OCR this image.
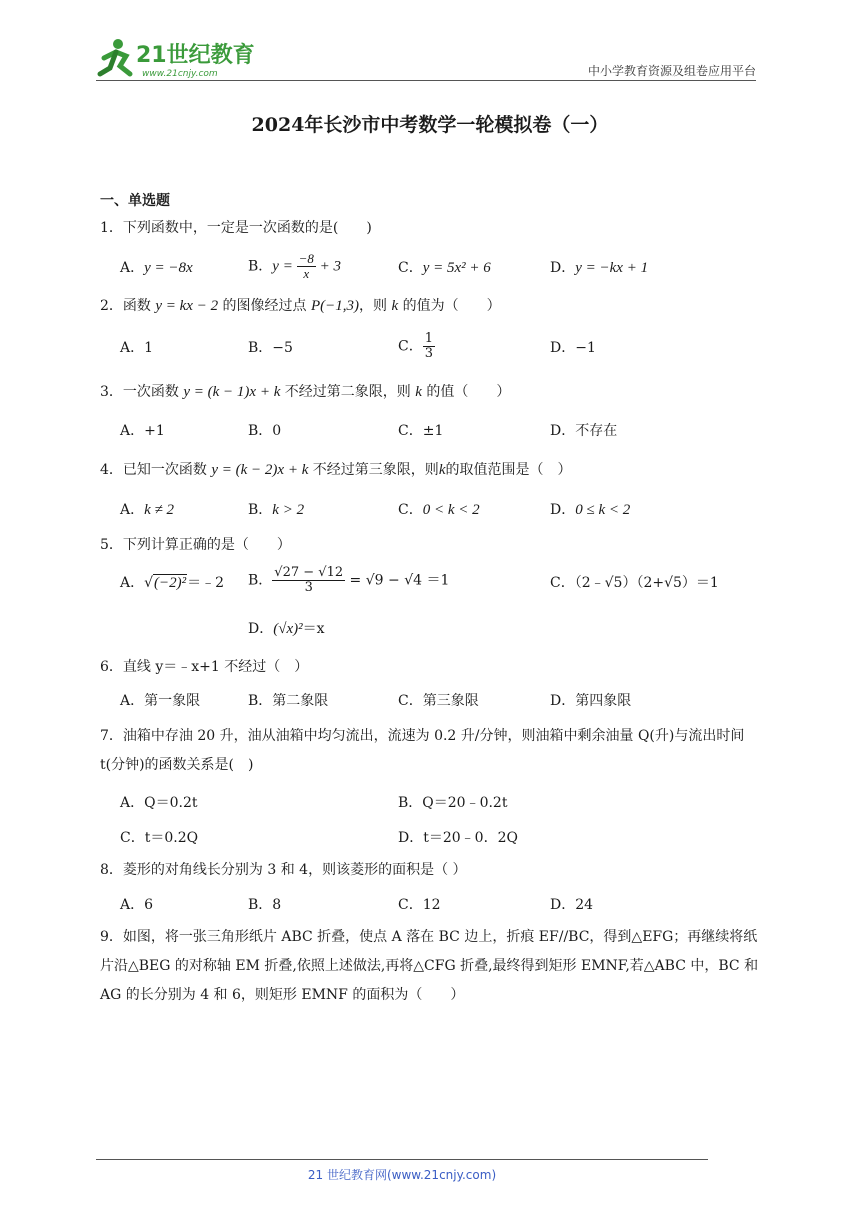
21世纪教育
www.21cnjy.com	中小学教育资源及组卷应用平台
2024年长沙市中考数学一轮模拟卷（一）
一、单选题
1．下列函数中，一定是一次函数的是(　　)
A．y = −8x	B．$y = \frac{-8}{x} + 3$	C．y = 5x² + 6	D．y = −kx + 1
2．函数 y = kx − 2 的图像经过点 P(−1,3)，则 k 的值为（　　）
A．1	B．−5	C． $\frac{1}{3}$	D．−1
3．一次函数 y = (k − 1)x + k 不经过第二象限，则 k 的值（　　）
A．+1	B．0	C．±1	D．不存在
4．已知一次函数 y = (k − 2)x + k 不经过第三象限，则k的取值范围是（　）
A．k ≠ 2	B．k > 2	C．0 < k < 2	D．0 ≤ k < 2
5．下列计算正确的是（　　）
A．√(−2)²＝﹣2 B． $\frac{√27 - √12}{3} = √9 - √4 =1$	C．（2﹣√5）（2+√5）＝1
D．(√x)²＝x
6．直线 y＝﹣x+1 不经过（　）
A．第一象限	B．第二象限	C．第三象限	D．第四象限
7．油箱中存油 20 升，油从油箱中均匀流出，流速为 0.2 升/分钟，则油箱中剩余油量 Q(升)与流出时间 t(分钟)的函数关系是(　)
A．Q＝0.2t	B．Q＝20﹣0.2t
C．t＝0.2Q	D．t＝20﹣0．2Q
8．菱形的对角线长分别为 3 和 4，则该菱形的面积是（ ）
A．6	B．8	C．12	D．24
9．如图，将一张三角形纸片 ABC 折叠，使点 A 落在 BC 边上，折痕 EF//BC，得到△EFG；再继续将纸片沿△BEG 的对称轴 EM 折叠,依照上述做法,再将△CFG 折叠,最终得到矩形 EMNF,若△ABC 中，BC 和 AG 的长分别为 4 和 6，则矩形 EMNF 的面积为（　　）
21 世纪教育网(www.21cnjy.com)
